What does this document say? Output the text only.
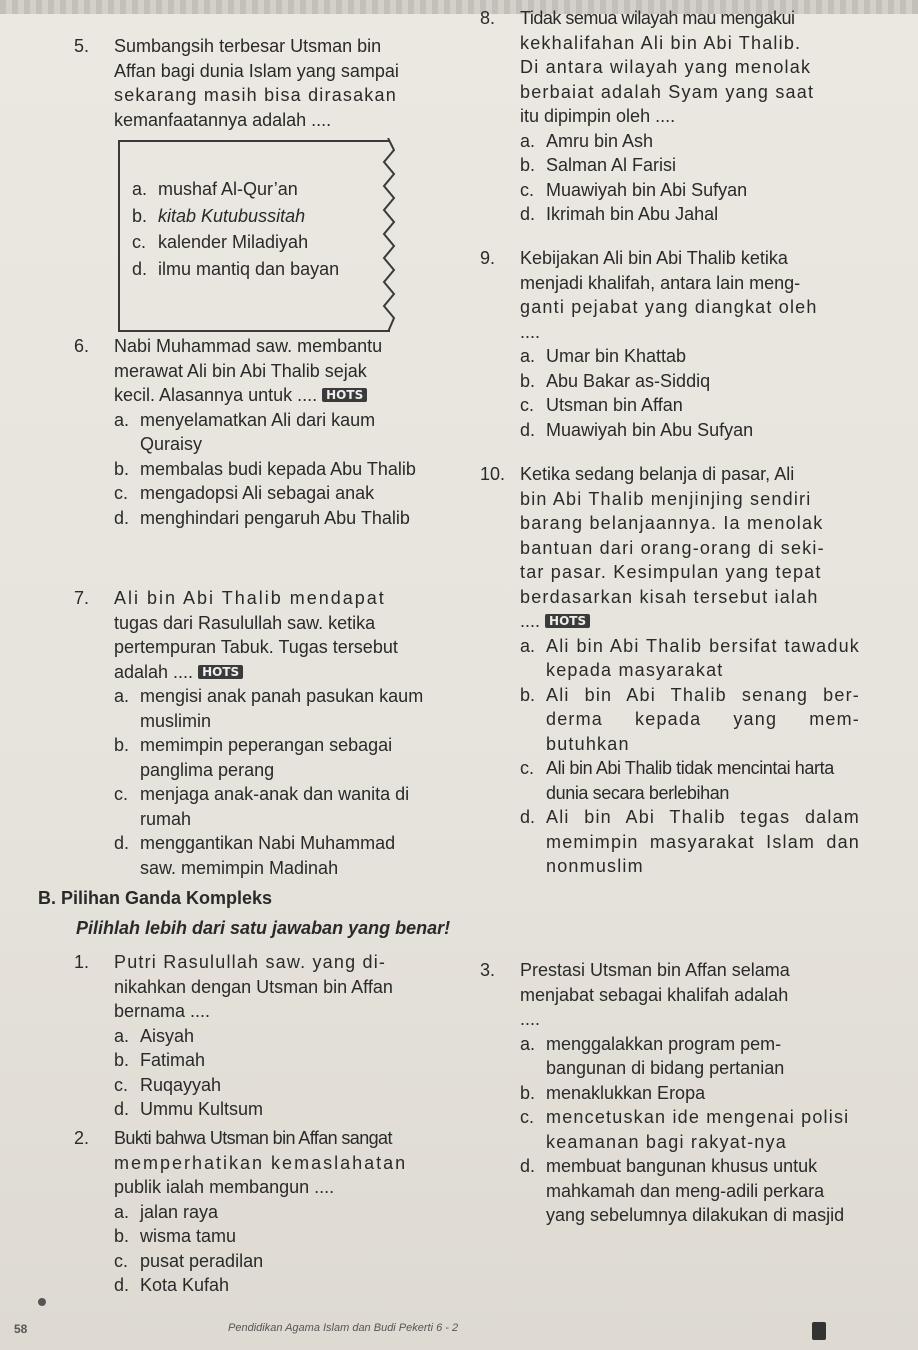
5. Sumbangsih terbesar Utsman bin

Affan bagi dunia Islam yang sampai

sekarang masih bisa dirasakan

kemanfaatannya adalah ....

a. mushaf Al-Qur’an
b. kitab Kutubussitah
c. kalender Miladiyah
d. ilmu mantiq dan bayan
6. Nabi Muhammad saw. membantu

merawat Ali bin Abi Thalib sejak

kecil. Alasannya untuk .... HOTS

a. menyelamatkan Ali dari kaum Quraisy
b. membalas budi kepada Abu Thalib
c. mengadopsi Ali sebagai anak
d. menghindari pengaruh Abu Thalib
7. Ali bin Abi Thalib mendapat

tugas dari Rasulullah saw. ketika

pertempuran Tabuk. Tugas tersebut

adalah .... HOTS

a. mengisi anak panah pasukan kaum muslimin
b. memimpin peperangan sebagai panglima perang
c. menjaga anak-anak dan wanita di rumah
d. menggantikan Nabi Muhammad saw. memimpin Madinah
B. Pilihan Ganda Kompleks
Pilihlah lebih dari satu jawaban yang benar!
1. Putri Rasulullah saw. yang di-

nikahkan dengan Utsman bin Affan

bernama ....

a. Aisyah
b. Fatimah
c. Ruqayyah
d. Ummu Kultsum
2. Bukti bahwa Utsman bin Affan sangat

memperhatikan kemaslahatan

publik ialah membangun ....

a. jalan raya
b. wisma tamu
c. pusat peradilan
d. Kota Kufah
8. Tidak semua wilayah mau mengakui

kekhalifahan Ali bin Abi Thalib.

Di antara wilayah yang menolak

berbaiat adalah Syam yang saat

itu dipimpin oleh ....

a. Amru bin Ash
b. Salman Al Farisi
c. Muawiyah bin Abi Sufyan
d. Ikrimah bin Abu Jahal
9. Kebijakan Ali bin Abi Thalib ketika

menjadi khalifah, antara lain meng-

ganti pejabat yang diangkat oleh

....

a. Umar bin Khattab
b. Abu Bakar as-Siddiq
c. Utsman bin Affan
d. Muawiyah bin Abu Sufyan
10. Ketika sedang belanja di pasar, Ali

bin Abi Thalib menjinjing sendiri

barang belanjaannya. Ia menolak

bantuan dari orang-orang di seki-

tar pasar. Kesimpulan yang tepat

berdasarkan kisah tersebut ialah

.... HOTS

a. Ali bin Abi Thalib bersifat tawaduk kepada masyarakat
b. Ali bin Abi Thalib senang ber-derma kepada yang mem-butuhkan
c. Ali bin Abi Thalib tidak mencintai harta dunia secara berlebihan
d. Ali bin Abi Thalib tegas dalam memimpin masyarakat Islam dan nonmuslim
3. Prestasi Utsman bin Affan selama

menjabat sebagai khalifah adalah

....

a. menggalakkan program pem-bangunan di bidang pertanian
b. menaklukkan Eropa
c. mencetuskan ide mengenai polisi keamanan bagi rakyat-nya
d. membuat bangunan khusus untuk mahkamah dan meng-adili perkara yang sebelumnya dilakukan di masjid
58	Pendidikan Agama Islam dan Budi Pekerti 6 - 2
